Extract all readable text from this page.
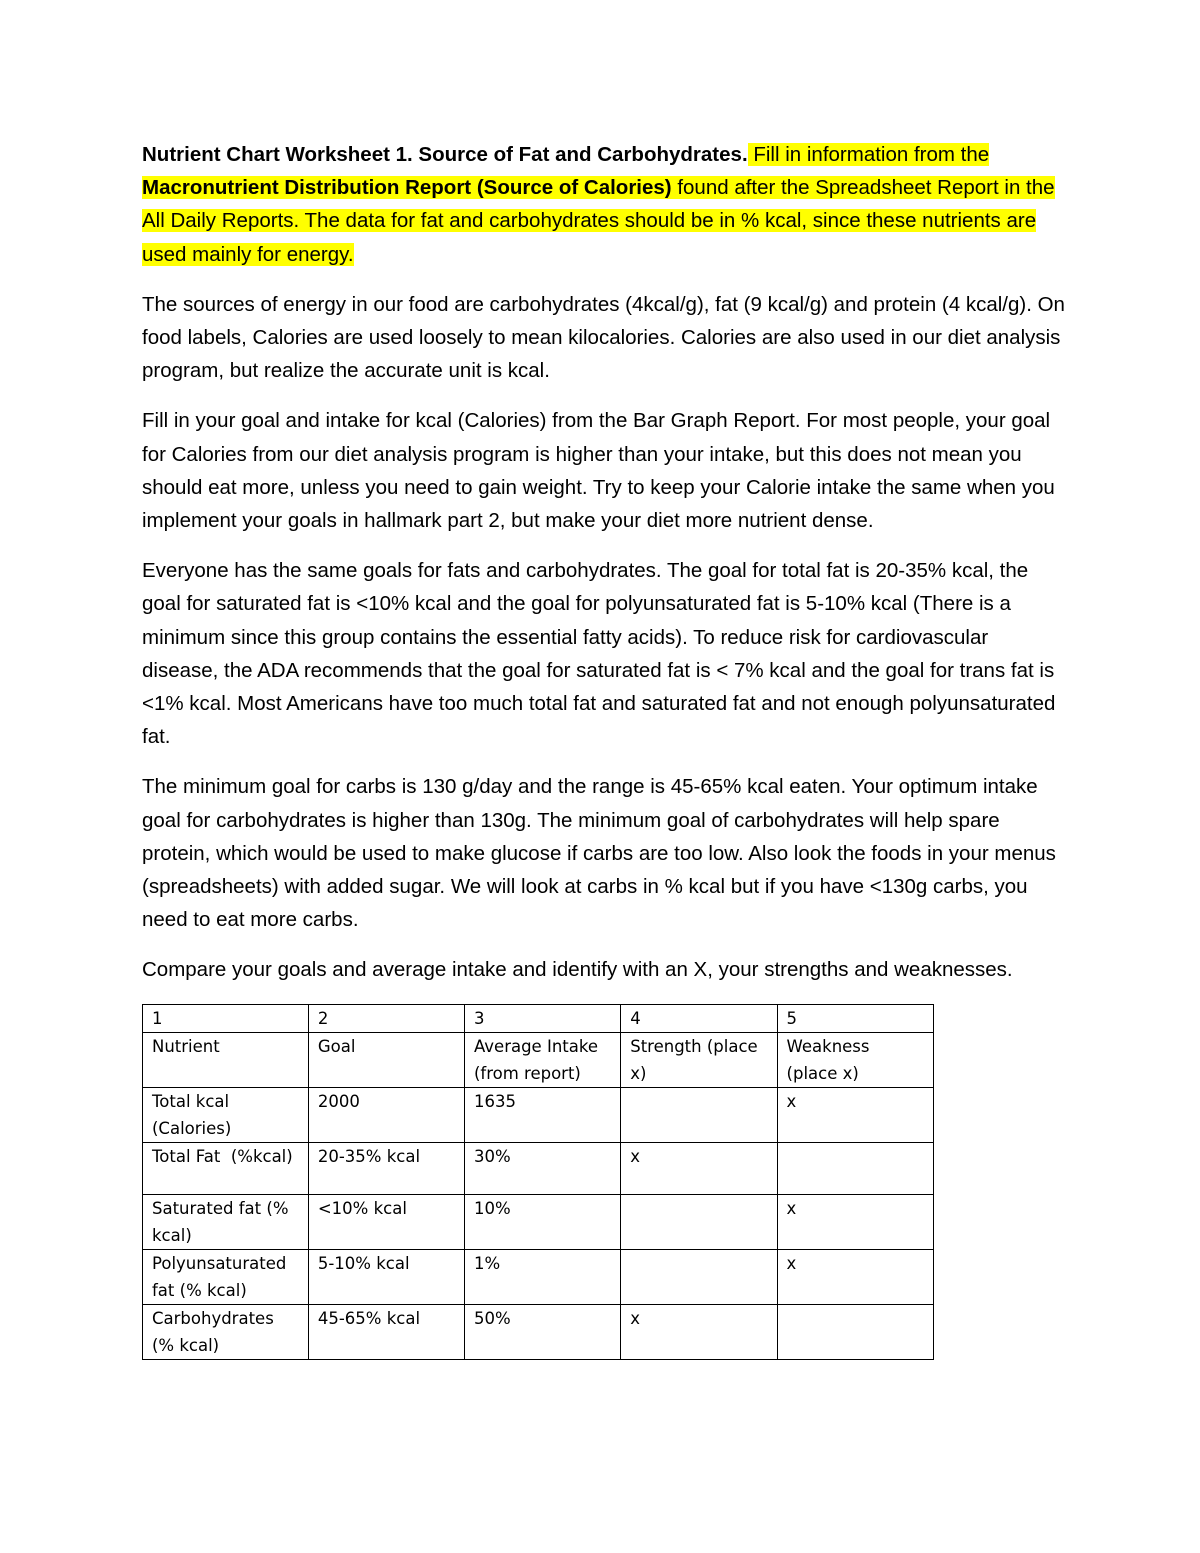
Nutrient Chart Worksheet 1. Source of Fat and Carbohydrates. Fill in information from the Macronutrient Distribution Report (Source of Calories) found after the Spreadsheet Report in the All Daily Reports. The data for fat and carbohydrates should be in % kcal, since these nutrients are used mainly for energy.

The sources of energy in our food are carbohydrates (4kcal/g), fat (9 kcal/g) and protein (4 kcal/g). On food labels, Calories are used loosely to mean kilocalories. Calories are also used in our diet analysis program, but realize the accurate unit is kcal.

Fill in your goal and intake for kcal (Calories) from the Bar Graph Report. For most people, your goal for Calories from our diet analysis program is higher than your intake, but this does not mean you should eat more, unless you need to gain weight. Try to keep your Calorie intake the same when you implement your goals in hallmark part 2, but make your diet more nutrient dense.

Everyone has the same goals for fats and carbohydrates. The goal for total fat is 20-35% kcal, the goal for saturated fat is <10% kcal and the goal for polyunsaturated fat is 5-10% kcal (There is a minimum since this group contains the essential fatty acids). To reduce risk for cardiovascular disease, the ADA recommends that the goal for saturated fat is < 7% kcal and the goal for trans fat is <1% kcal. Most Americans have too much total fat and saturated fat and not enough polyunsaturated fat.

The minimum goal for carbs is 130 g/day and the range is 45-65% kcal eaten. Your optimum intake goal for carbohydrates is higher than 130g. The minimum goal of carbohydrates will help spare protein, which would be used to make glucose if carbs are too low. Also look the foods in your menus (spreadsheets) with added sugar. We will look at carbs in % kcal but if you have <130g carbs, you need to eat more carbs.

Compare your goals and average intake and identify with an X, your strengths and weaknesses.

1	2	3	4	5
Nutrient	Goal	Average Intake (from report)	Strength (place x)	Weakness (place x)
Total kcal (Calories)	2000	1635		x
Total Fat  (%kcal)	20-35% kcal	30%	x	
Saturated fat (% kcal)	<10% kcal	10%		x
Polyunsaturated fat (% kcal)	5-10% kcal	1%		x
Carbohydrates (% kcal)	45-65% kcal	50%	x	
